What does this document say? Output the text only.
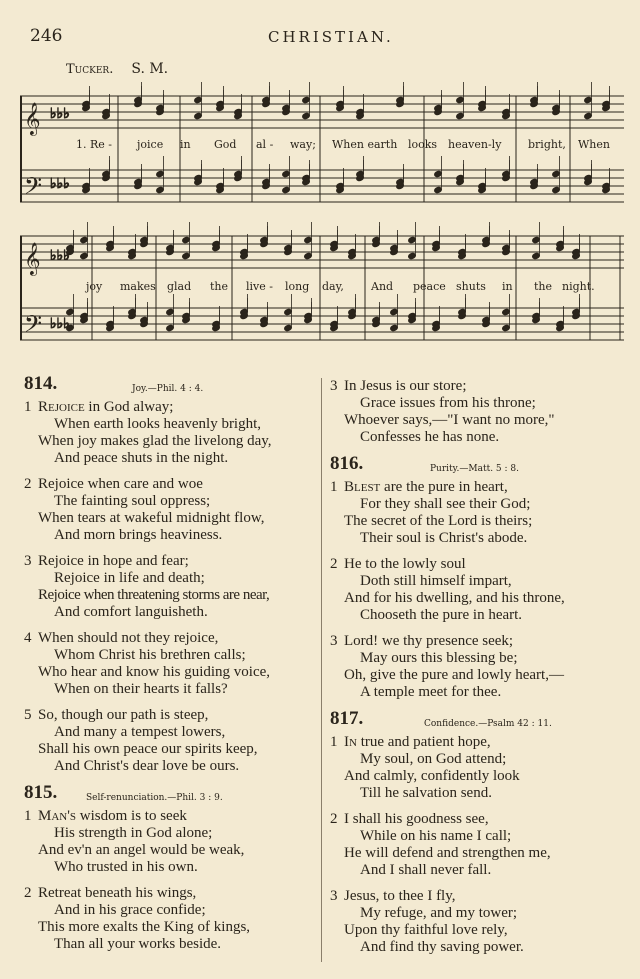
246	CHRISTIAN.
Tucker. S. M.
♭♭♭
♭♭♭
♭♭♭
♭♭♭
𝄞
𝄢
𝄞
𝄢
1. Re - joice in God al - way; When earth looks heaven-ly bright, When
joy makes glad the live - long day, And peace shuts in the night.
814.	Joy.—Phil. 4 : 4.
1 Rejoice in God alway;
When earth looks heavenly bright,
When joy makes glad the livelong day,
And peace shuts in the night.
2 Rejoice when care and woe
The fainting soul oppress;
When tears at wakeful midnight flow,
And morn brings heaviness.
3 Rejoice in hope and fear;
Rejoice in life and death;
Rejoice when threatening storms are near,
And comfort languisheth.
4 When should not they rejoice,
Whom Christ his brethren calls;
Who hear and know his guiding voice,
When on their hearts it falls?
5 So, though our path is steep,
And many a tempest lowers,
Shall his own peace our spirits keep,
And Christ's dear love be ours.
815.	Self-renunciation.—Phil. 3 : 9.
1 Man's wisdom is to seek
His strength in God alone;
And ev'n an angel would be weak,
Who trusted in his own.
2 Retreat beneath his wings,
And in his grace confide;
This more exalts the King of kings,
Than all your works beside.
3 In Jesus is our store;
Grace issues from his throne;
Whoever says,—"I want no more,"
Confesses he has none.
816.	Purity.—Matt. 5 : 8.
1 Blest are the pure in heart,
For they shall see their God;
The secret of the Lord is theirs;
Their soul is Christ's abode.
2 He to the lowly soul
Doth still himself impart,
And for his dwelling, and his throne,
Chooseth the pure in heart.
3 Lord! we thy presence seek;
May ours this blessing be;
Oh, give the pure and lowly heart,—
A temple meet for thee.
817.	Confidence.—Psalm 42 : 11.
1 In true and patient hope,
My soul, on God attend;
And calmly, confidently look
Till he salvation send.
2 I shall his goodness see,
While on his name I call;
He will defend and strengthen me,
And I shall never fall.
3 Jesus, to thee I fly,
My refuge, and my tower;
Upon thy faithful love rely,
And find thy saving power.
